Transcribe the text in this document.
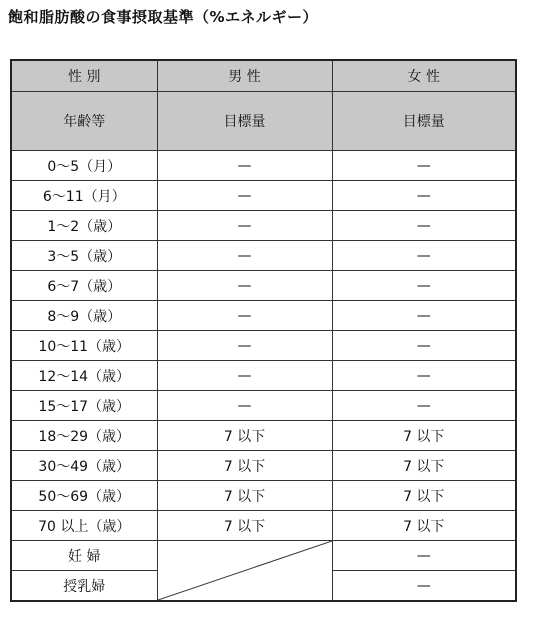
飽和脂肪酸の食事摂取基準（%エネルギー）
性 別	男 性	女 性
年齢等	目標量	目標量
0～5（月）	—	—
6～11（月）	—	—
1～2（歳）	—	—
3～5（歳）	—	—
6～7（歳）	—	—
8～9（歳）	—	—
10～11（歳）	—	—
12～14（歳）	—	—
15～17（歳）	—	—
18～29（歳）	7 以下	7 以下
30～49（歳）	7 以下	7 以下
50～69（歳）	7 以下	7 以下
70 以上（歳）	7 以下	7 以下
妊 婦		—
授乳婦		—
